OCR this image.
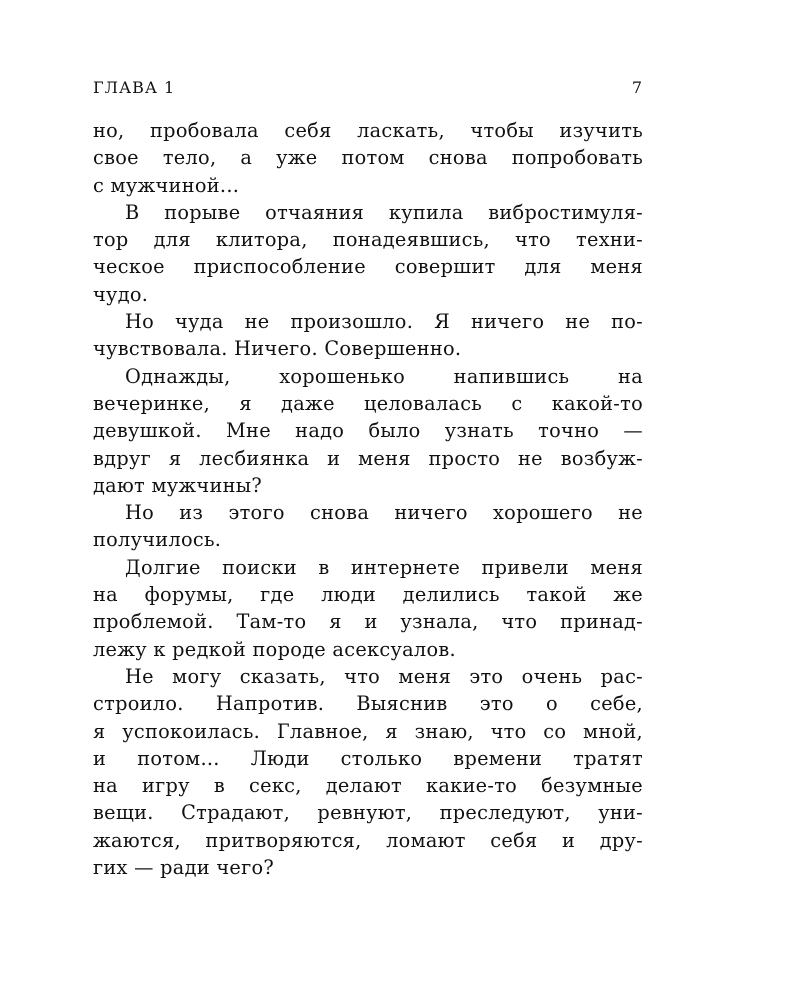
ГЛАВА 1	7
но, пробовала себя ласкать, чтобы изучить
свое тело, а уже потом снова попробовать
с мужчиной...
В порыве отчаяния купила вибростимуля-
тор для клитора, понадеявшись, что техни-
ческое приспособление совершит для меня
чудо.
Но чуда не произошло. Я ничего не по-
чувствовала. Ничего. Совершенно.
Однажды, хорошенько напившись на
вечеринке, я даже целовалась с какой-то
девушкой. Мне надо было узнать точно —
вдруг я лесбиянка и меня просто не возбуж-
дают мужчины?
Но из этого снова ничего хорошего не
получилось.
Долгие поиски в интернете привели меня
на форумы, где люди делились такой же
проблемой. Там-то я и узнала, что принад-
лежу к редкой породе асексуалов.
Не могу сказать, что меня это очень рас-
строило. Напротив. Выяснив это о себе,
я успокоилась. Главное, я знаю, что со мной,
и потом... Люди столько времени тратят
на игру в секс, делают какие-то безумные
вещи. Страдают, ревнуют, преследуют, уни-
жаются, притворяются, ломают себя и дру-
гих — ради чего?
